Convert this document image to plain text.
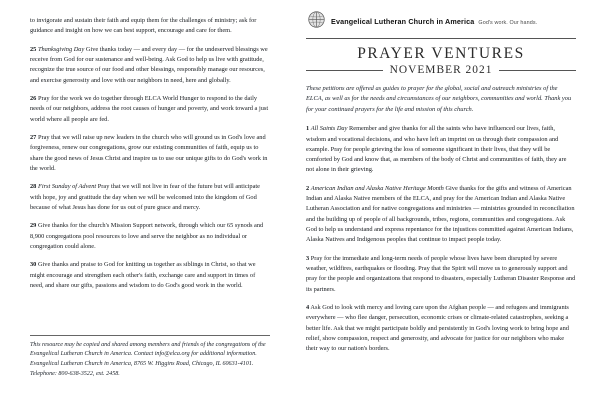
to invigorate and sustain their faith and equip them for the challenges of ministry; ask for guidance and insight on how we can best support, encourage and care for them.

25 Thanksgiving Day Give thanks today — and every day — for the undeserved blessings we receive from God for our sustenance and well-being. Ask God to help us live with gratitude, recognize the true source of our food and other blessings, responsibly manage our resources, and exercise generosity and love with our neighbors in need, here and globally.

26 Pray for the work we do together through ELCA World Hunger to respond to the daily needs of our neighbors, address the root causes of hunger and poverty, and work toward a just world where all people are fed.

27 Pray that we will raise up new leaders in the church who will ground us in God's love and forgiveness, renew our congregations, grow our existing communities of faith, equip us to share the good news of Jesus Christ and inspire us to use our unique gifts to do God's work in the world.

28 First Sunday of Advent Pray that we will not live in fear of the future but will anticipate with hope, joy and gratitude the day when we will be welcomed into the kingdom of God because of what Jesus has done for us out of pure grace and mercy.

29 Give thanks for the church's Mission Support network, through which our 65 synods and 8,900 congregations pool resources to love and serve the neighbor as no individual or congregation could alone.

30 Give thanks and praise to God for knitting us together as siblings in Christ, so that we might encourage and strengthen each other's faith, exchange care and support in times of need, and share our gifts, passions and wisdom to do God's good work in the world.

This resource may be copied and shared among members and friends of the congregations of the Evangelical Lutheran Church in America. Contact info@elca.org for additional information. Evangelical Lutheran Church in America, 8765 W. Higgins Road, Chicago, IL 60631-4101. Telephone: 800-638-3522, ext. 2458.

Evangelical Lutheran Church in America God's work. Our hands.
PRAYER VENTURES
NOVEMBER 2021

These petitions are offered as guides to prayer for the global, social and outreach ministries of the ELCA, as well as for the needs and circumstances of our neighbors, communities and world. Thank you for your continued prayers for the life and mission of this church.

1 All Saints Day Remember and give thanks for all the saints who have influenced our lives, faith, wisdom and vocational decisions, and who have left an imprint on us through their compassion and example. Pray for people grieving the loss of someone significant in their lives, that they will be comforted by God and know that, as members of the body of Christ and communities of faith, they are not alone in their grieving.

2 American Indian and Alaska Native Heritage Month Give thanks for the gifts and witness of American Indian and Alaska Native members of the ELCA, and pray for the American Indian and Alaska Native Lutheran Association and for native congregations and ministries — ministries grounded in reconciliation and the building up of people of all backgrounds, tribes, regions, communities and congregations. Ask God to help us understand and express repentance for the injustices committed against American Indians, Alaska Natives and Indigenous peoples that continue to impact people today.

3 Pray for the immediate and long-term needs of people whose lives have been disrupted by severe weather, wildfires, earthquakes or flooding. Pray that the Spirit will move us to generously support and pray for the people and organizations that respond to disasters, especially Lutheran Disaster Response and its partners.

4 Ask God to look with mercy and loving care upon the Afghan people — and refugees and immigrants everywhere — who flee danger, persecution, economic crises or climate-related catastrophes, seeking a better life. Ask that we might participate boldly and persistently in God's loving work to bring hope and relief, show compassion, respect and generosity, and advocate for justice for our neighbors who make their way to our nation's borders.
